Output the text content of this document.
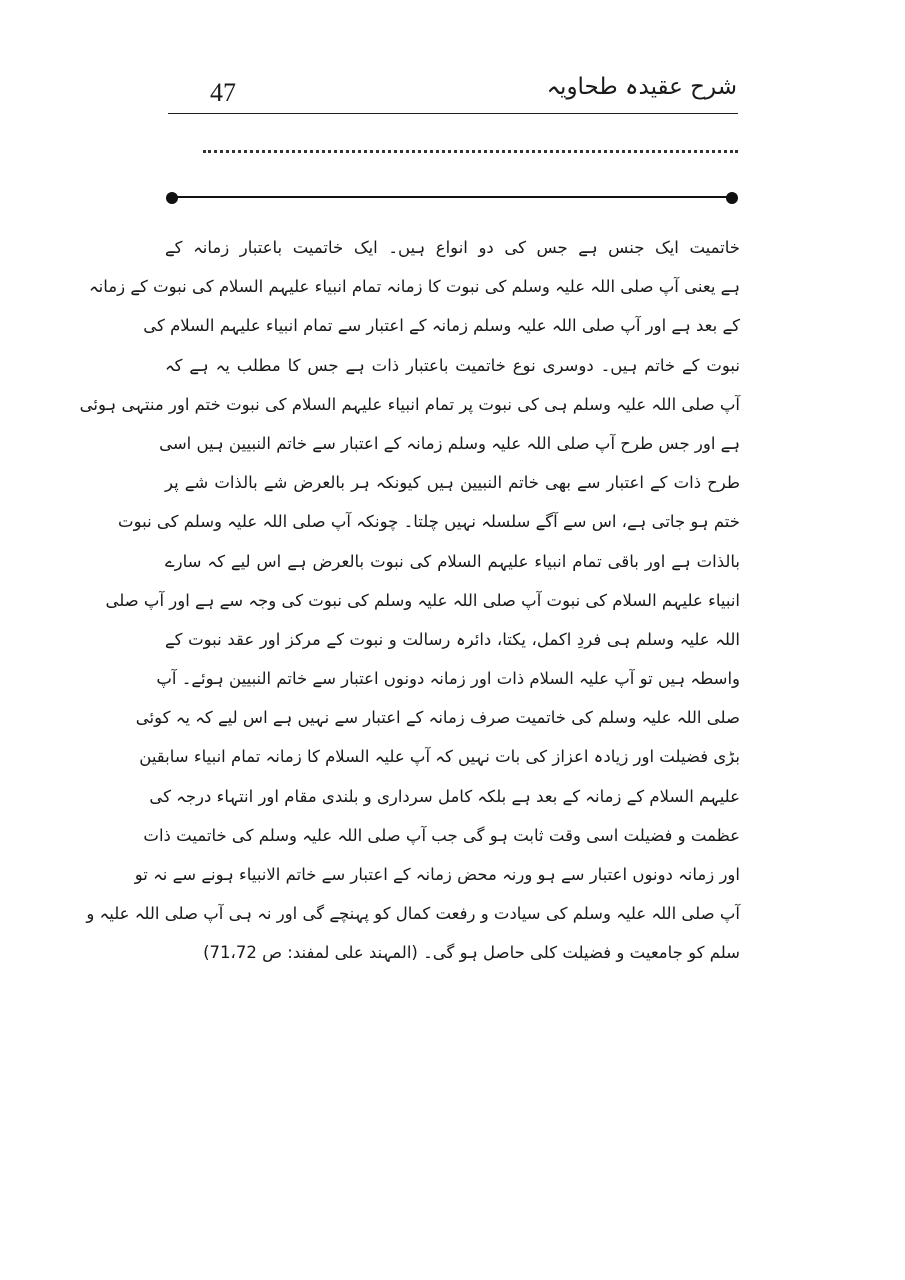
47	شرح عقیدہ طحاویہ
خاتمیت ایک جنس ہے جس کی دو انواع ہیں۔ ایک خاتمیت باعتبار زمانہ کے
ہے یعنی آپ صلی اللہ علیہ وسلم کی نبوت کا زمانہ تمام انبیاء علیہم السلام کی نبوت کے زمانہ
کے بعد ہے اور آپ صلی اللہ علیہ وسلم زمانہ کے اعتبار سے تمام انبیاء علیہم السلام کی
نبوت کے خاتم ہیں۔ دوسری نوع خاتمیت باعتبار ذات ہے جس کا مطلب یہ ہے کہ
آپ صلی اللہ علیہ وسلم ہی کی نبوت پر تمام انبیاء علیہم السلام کی نبوت ختم اور منتہی ہوئی
ہے اور جس طرح آپ صلی اللہ علیہ وسلم زمانہ کے اعتبار سے خاتم النبیین ہیں اسی
طرح ذات کے اعتبار سے بھی خاتم النبیین ہیں کیونکہ ہر بالعرض شے بالذات شے پر
ختم ہو جاتی ہے، اس سے آگے سلسلہ نہیں چلتا۔ چونکہ آپ صلی اللہ علیہ وسلم کی نبوت
بالذات ہے اور باقی تمام انبیاء علیہم السلام کی نبوت بالعرض ہے اس لیے کہ سارے
انبیاء علیہم السلام کی نبوت آپ صلی اللہ علیہ وسلم کی نبوت کی وجہ سے ہے اور آپ صلی
اللہ علیہ وسلم ہی فردِ اکمل، یکتا، دائرہ رسالت و نبوت کے مرکز اور عقد نبوت کے
واسطہ ہیں تو آپ علیہ السلام ذات اور زمانہ دونوں اعتبار سے خاتم النبیین ہوئے۔ آپ
صلی اللہ علیہ وسلم کی خاتمیت صرف زمانہ کے اعتبار سے نہیں ہے اس لیے کہ یہ کوئی
بڑی فضیلت اور زیادہ اعزاز کی بات نہیں کہ آپ علیہ السلام کا زمانہ تمام انبیاء سابقین
علیہم السلام کے زمانہ کے بعد ہے بلکہ کامل سرداری و بلندی مقام اور انتہاء درجہ کی
عظمت و فضیلت اسی وقت ثابت ہو گی جب آپ صلی اللہ علیہ وسلم کی خاتمیت ذات
اور زمانہ دونوں اعتبار سے ہو ورنہ محض زمانہ کے اعتبار سے خاتم الانبیاء ہونے سے نہ تو
آپ صلی اللہ علیہ وسلم کی سیادت و رفعت کمال کو پہنچے گی اور نہ ہی آپ صلی اللہ علیہ و
سلم کو جامعیت و فضیلت کلی حاصل ہو گی۔ (المہند علی لمفند: ص 71،72)
